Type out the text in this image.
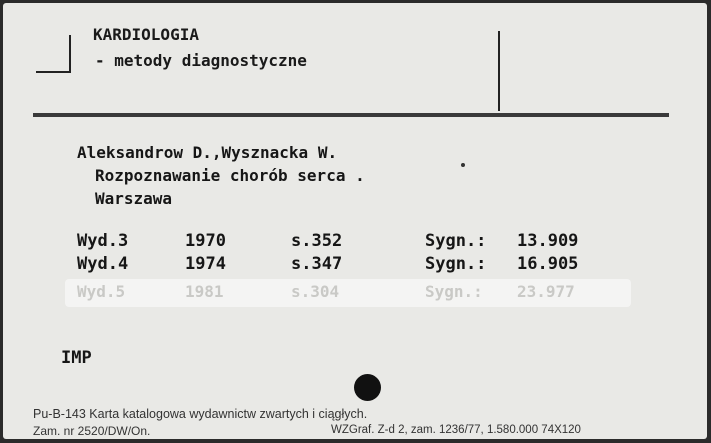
KARDIOLOGIA
- metody diagnostyczne
Aleksandrow D.,Wysznacka W.
Rozpoznawanie chorób serca .
Warszawa
Wyd.3	1970	s.352	Sygn.: 13.909
Wyd.4	1974	s.347	Sygn.: 16.905
Wyd.5	1981	s.304	Sygn.: 23.977
IMP
Pu-B-143 Karta katalogowa wydawnictw zwartych i ciągłych.
Zam. nr 2520/DW/On.	WZGraf. Z-d 2, zam. 1236/77, 1.580.000 74X120
